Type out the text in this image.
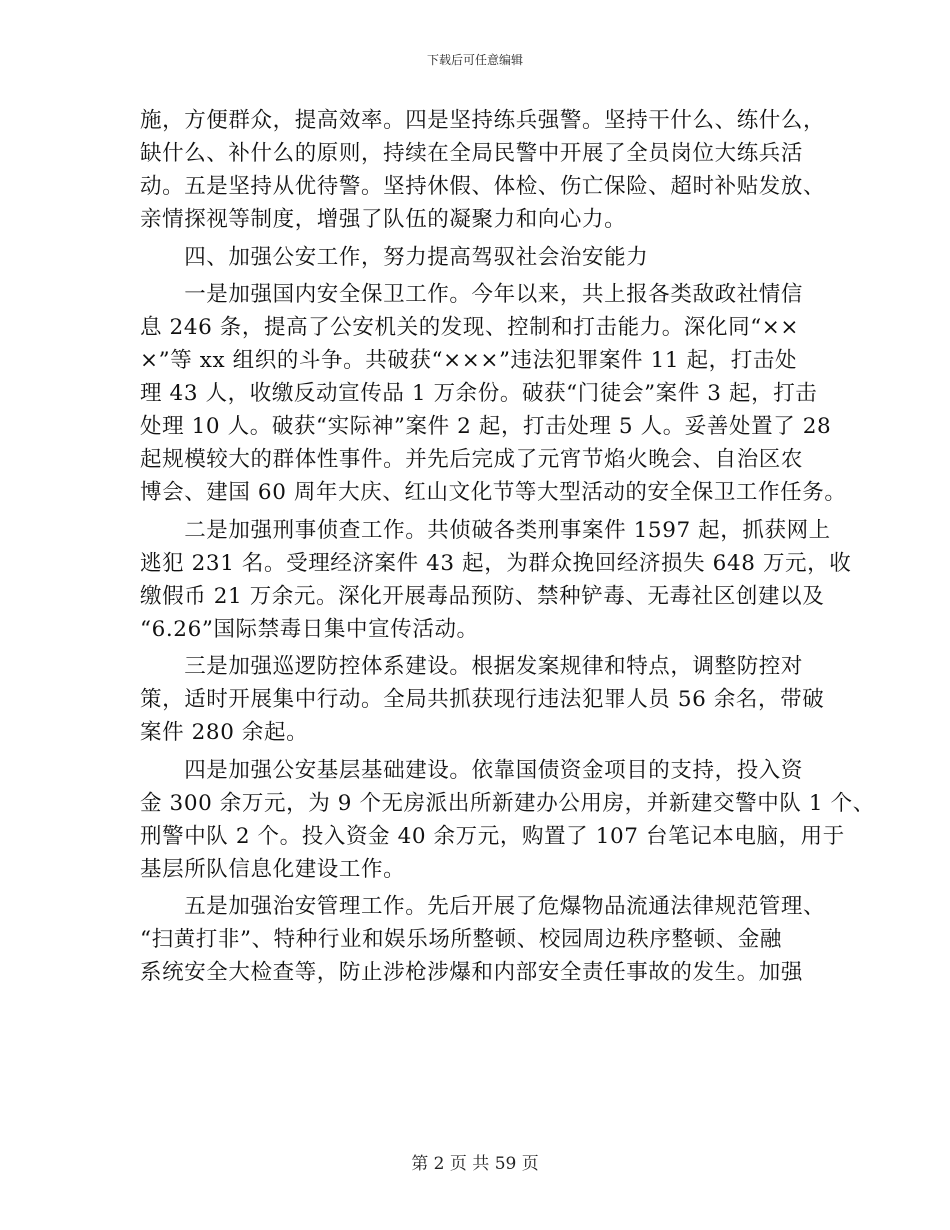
下载后可任意编辑
施，方便群众，提高效率。四是坚持练兵强警。坚持干什么、练什么，
缺什么、补什么的原则，持续在全局民警中开展了全员岗位大练兵活
动。五是坚持从优待警。坚持休假、体检、伤亡保险、超时补贴发放、
亲情探视等制度，增强了队伍的凝聚力和向心力。
　　四、加强公安工作，努力提高驾驭社会治安能力
　　一是加强国内安全保卫工作。今年以来，共上报各类敌政社情信
息 246 条，提高了公安机关的发现、控制和打击能力。深化同“××
×”等 xx 组织的斗争。共破获“×××”违法犯罪案件 11 起，打击处
理 43 人，收缴反动宣传品 1 万余份。破获“门徒会”案件 3 起，打击
处理 10 人。破获“实际神”案件 2 起，打击处理 5 人。妥善处置了 28
起规模较大的群体性事件。并先后完成了元宵节焰火晚会、自治区农
博会、建国 60 周年大庆、红山文化节等大型活动的安全保卫工作任务。
　　二是加强刑事侦查工作。共侦破各类刑事案件 1597 起，抓获网上
逃犯 231 名。受理经济案件 43 起，为群众挽回经济损失 648 万元，收
缴假币 21 万余元。深化开展毒品预防、禁种铲毒、无毒社区创建以及
“6.26”国际禁毒日集中宣传活动。
　　三是加强巡逻防控体系建设。根据发案规律和特点，调整防控对
策，适时开展集中行动。全局共抓获现行违法犯罪人员 56 余名，带破
案件 280 余起。
　　四是加强公安基层基础建设。依靠国债资金项目的支持，投入资
金 300 余万元，为 9 个无房派出所新建办公用房，并新建交警中队 1 个、
刑警中队 2 个。投入资金 40 余万元，购置了 107 台笔记本电脑，用于
基层所队信息化建设工作。
　　五是加强治安管理工作。先后开展了危爆物品流通法律规范管理、
“扫黄打非”、特种行业和娱乐场所整顿、校园周边秩序整顿、金融
系统安全大检查等，防止涉枪涉爆和内部安全责任事故的发生。加强
第 2 页 共 59 页
